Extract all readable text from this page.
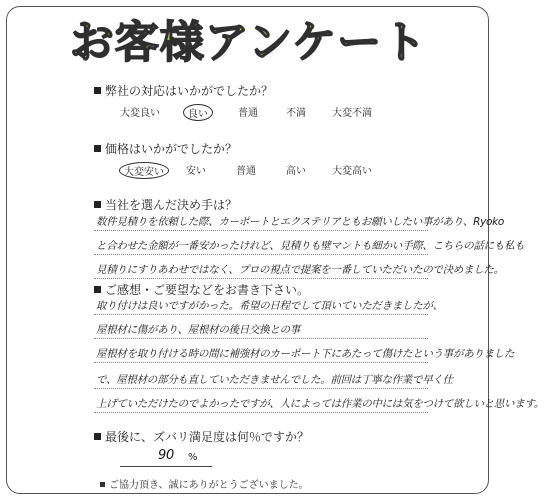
お客様アンケート
弊社の対応はいかがでしたか？
大変良い	良い	普通	不満	大変不満
価格はいかがでしたか？
大変安い	安い	普通	高い	大変高い
当社を選んだ決め手は？
数件見積りを依頼した際、カーポートとエクステリアともお願いしたい事があり、Ryoko
と合わせた金額が一番安かったけれど、見積りも壁マントも細かい手際、こちらの話にも私も
見積りにすりあわせではなく、プロの視点で提案を一番していただいたので決めました。
ご感想・ご要望などをお書き下さい。
取り付けは良いですがかった。希望の日程でして頂いていただきましたが、
屋根材に傷があり、屋根材の後日交換との事
屋根材を取り付ける時の間に補強材のカーポート下にあたって傷けたという事がありました
で、屋根材の部分も直していただきませんでした。前回は丁寧な作業で早く仕
上げていただけたのでよかったですが、人によっては作業の中には気をつけて欲しいと思います。
最後に、ズバリ満足度は何％ですか？
90 %
ご協力頂き、誠にありがとうございました。
